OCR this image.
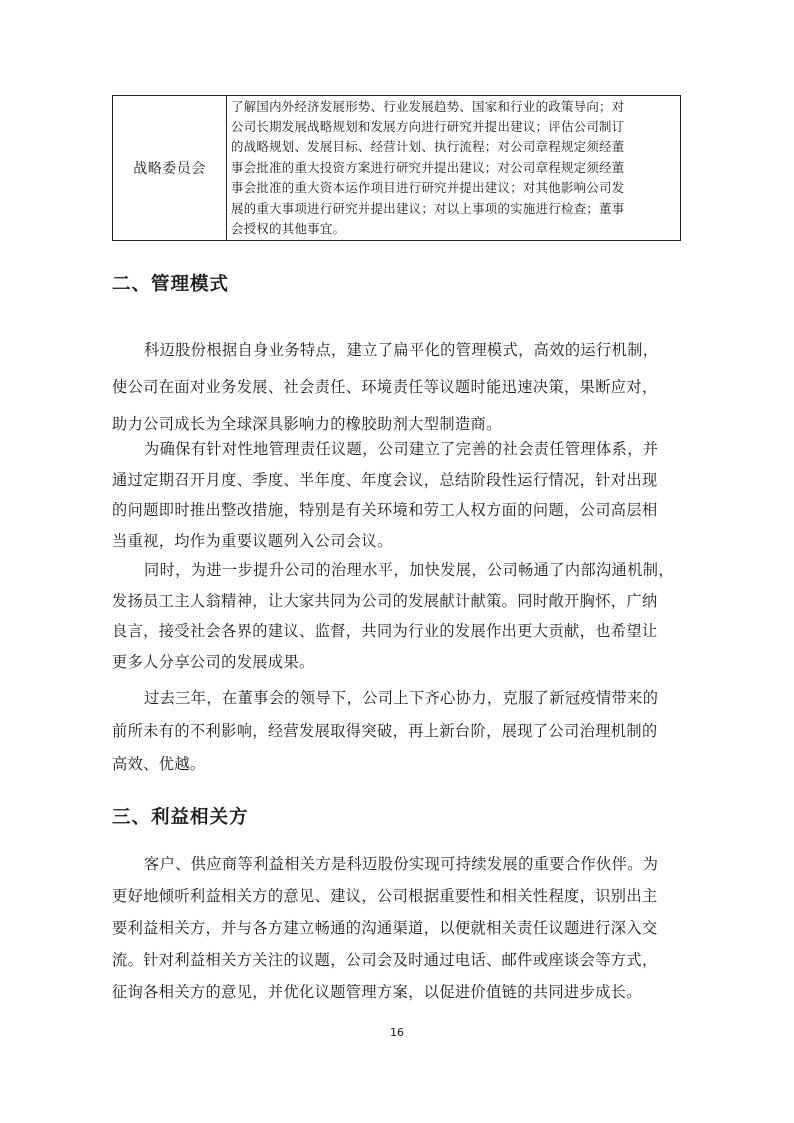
战略委员会	
了解国内外经济发展形势、行业发展趋势、国家和行业的政策导向；对
公司长期发展战略规划和发展方向进行研究并提出建议；评估公司制订
的战略规划、发展目标、经营计划、执行流程；对公司章程规定须经董
事会批准的重大投资方案进行研究并提出建议；对公司章程规定须经董
事会批准的重大资本运作项目进行研究并提出建议；对其他影响公司发
展的重大事项进行研究并提出建议；对以上事项的实施进行检查；董事
会授权的其他事宜。
二、管理模式
科迈股份根据自身业务特点，建立了扁平化的管理模式，高效的运行机制，
使公司在面对业务发展、社会责任、环境责任等议题时能迅速决策，果断应对，
助力公司成长为全球深具影响力的橡胶助剂大型制造商。
为确保有针对性地管理责任议题，公司建立了完善的社会责任管理体系，并
通过定期召开月度、季度、半年度、年度会议，总结阶段性运行情况，针对出现
的问题即时推出整改措施，特别是有关环境和劳工人权方面的问题，公司高层相
当重视，均作为重要议题列入公司会议。
同时，为进一步提升公司的治理水平，加快发展，公司畅通了内部沟通机制，
发扬员工主人翁精神，让大家共同为公司的发展献计献策。同时敞开胸怀，广纳
良言，接受社会各界的建议、监督，共同为行业的发展作出更大贡献，也希望让
更多人分享公司的发展成果。
过去三年，在董事会的领导下，公司上下齐心协力，克服了新冠疫情带来的
前所未有的不利影响，经营发展取得突破，再上新台阶，展现了公司治理机制的
高效、优越。
三、利益相关方
客户、供应商等利益相关方是科迈股份实现可持续发展的重要合作伙伴。为
更好地倾听利益相关方的意见、建议，公司根据重要性和相关性程度，识别出主
要利益相关方，并与各方建立畅通的沟通渠道，以便就相关责任议题进行深入交
流。针对利益相关方关注的议题，公司会及时通过电话、邮件或座谈会等方式，
征询各相关方的意见，并优化议题管理方案，以促进价值链的共同进步成长。
16
